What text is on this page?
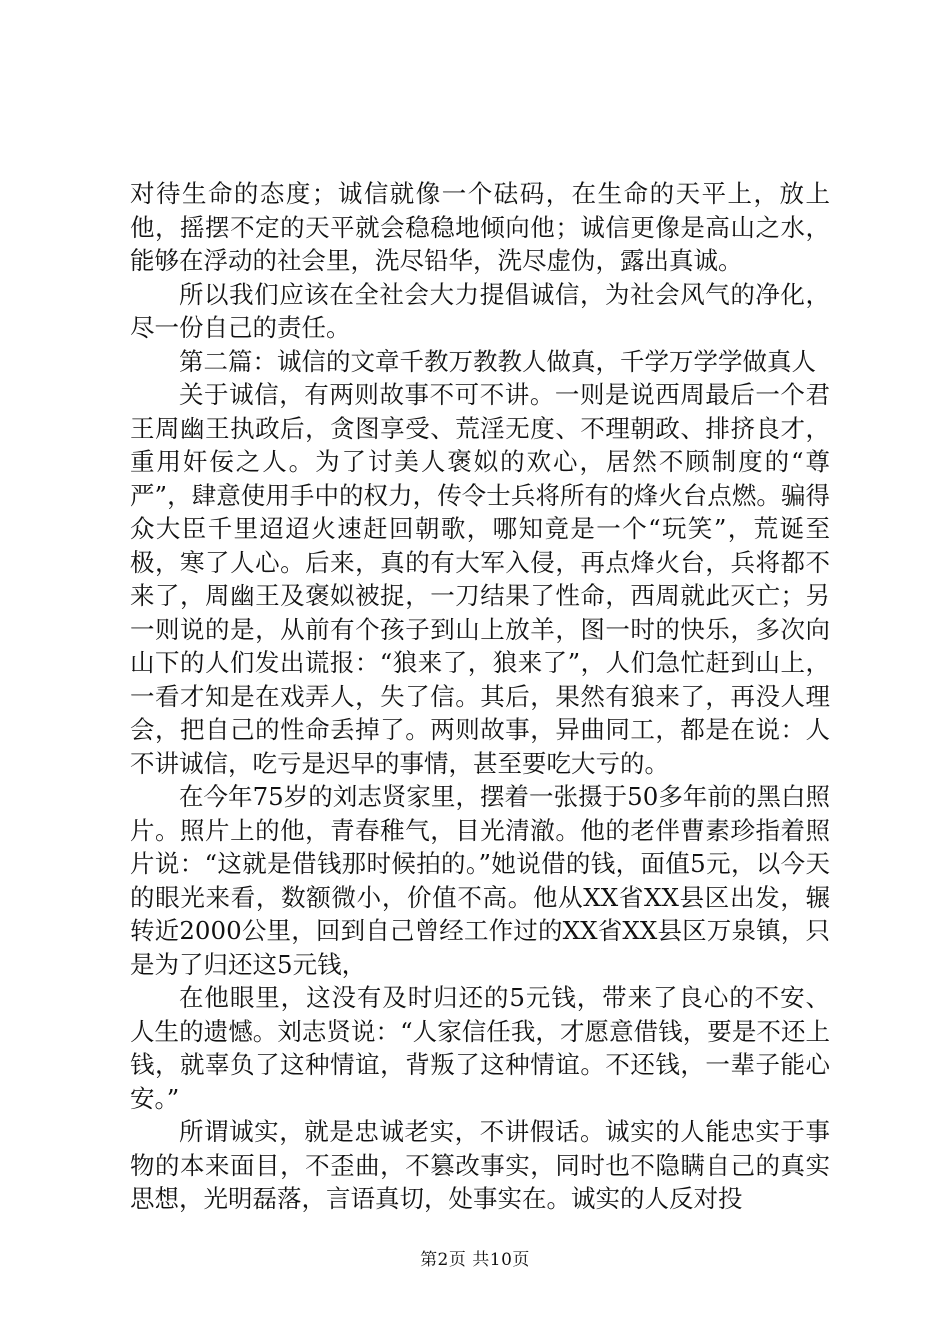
对待生命的态度；诚信就像一个砝码，在生命的天平上，放上他，摇摆不定的天平就会稳稳地倾向他；诚信更像是高山之水，能够在浮动的社会里，洗尽铅华，洗尽虚伪，露出真诚。

所以我们应该在全社会大力提倡诚信，为社会风气的净化，尽一份自己的责任。

第二篇：诚信的文章千教万教教人做真，千学万学学做真人

关于诚信，有两则故事不可不讲。一则是说西周最后一个君王周幽王执政后，贪图享受、荒淫无度、不理朝政、排挤良才，重用奸佞之人。为了讨美人褒姒的欢心，居然不顾制度的“尊严”，肆意使用手中的权力，传令士兵将所有的烽火台点燃。骗得众大臣千里迢迢火速赶回朝歌，哪知竟是一个“玩笑”，荒诞至极，寒了人心。后来，真的有大军入侵，再点烽火台，兵将都不来了，周幽王及褒姒被捉，一刀结果了性命，西周就此灭亡；另一则说的是，从前有个孩子到山上放羊，图一时的快乐，多次向山下的人们发出谎报：“狼来了，狼来了”，人们急忙赶到山上，一看才知是在戏弄人，失了信。其后，果然有狼来了，再没人理会，把自己的性命丢掉了。两则故事，异曲同工，都是在说：人不讲诚信，吃亏是迟早的事情，甚至要吃大亏的。

在今年75岁的刘志贤家里，摆着一张摄于50多年前的黑白照片。照片上的他，青春稚气，目光清澈。他的老伴曹素珍指着照片说：“这就是借钱那时候拍的。”她说借的钱，面值5元，以今天的眼光来看，数额微小，价值不高。他从XX省XX县区出发，辗转近2000公里，回到自己曾经工作过的XX省XX县区万泉镇，只是为了归还这5元钱，

在他眼里，这没有及时归还的5元钱，带来了良心的不安、人生的遗憾。刘志贤说：“人家信任我，才愿意借钱，要是不还上钱，就辜负了这种情谊，背叛了这种情谊。不还钱，一辈子能心安。”

所谓诚实，就是忠诚老实，不讲假话。诚实的人能忠实于事物的本来面目，不歪曲，不篡改事实，同时也不隐瞒自己的真实思想，光明磊落，言语真切，处事实在。诚实的人反对投

第2页 共10页
